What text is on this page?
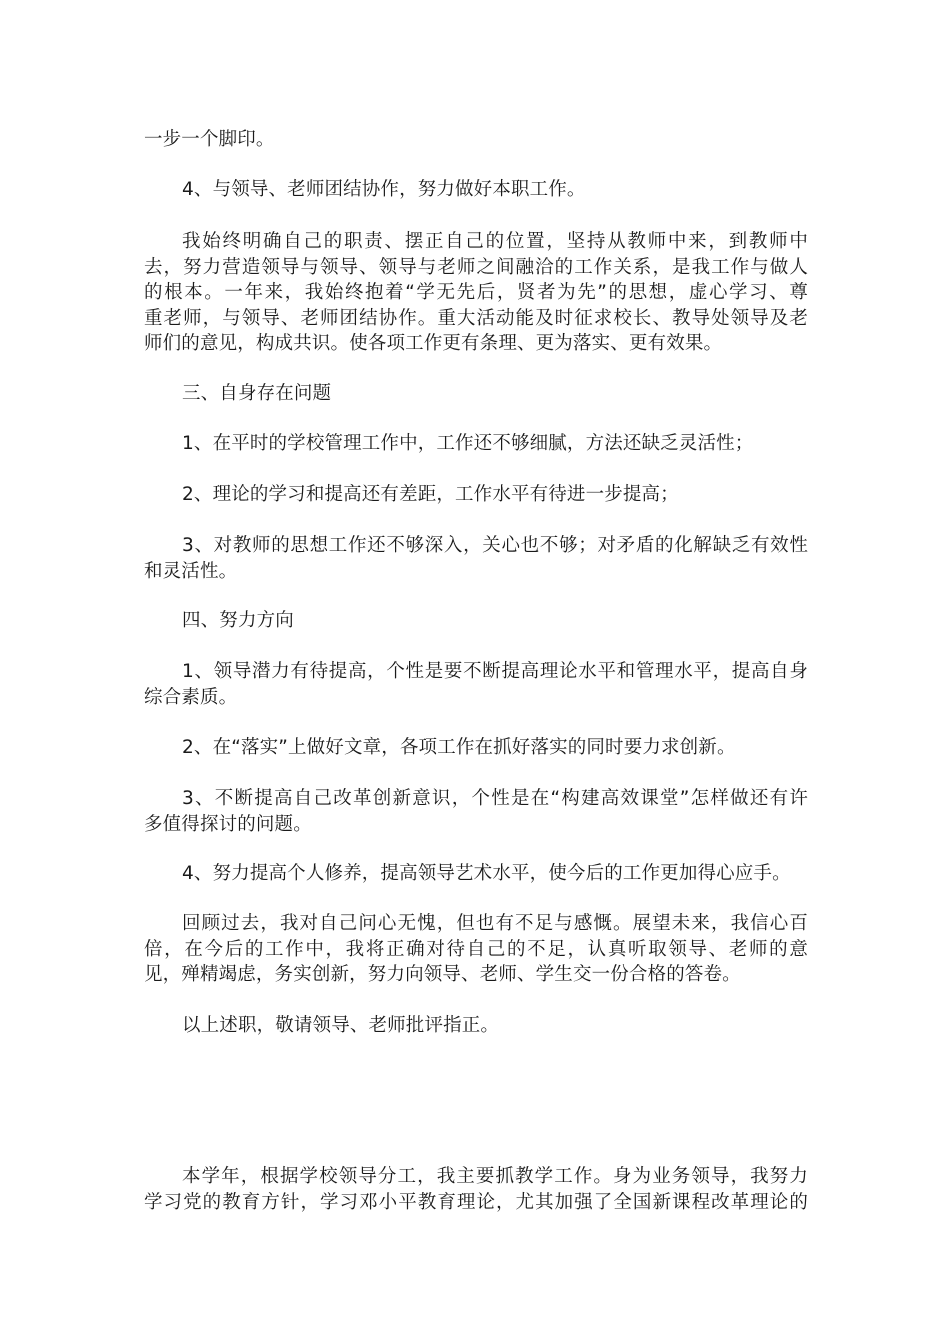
一步一个脚印。
4、与领导、老师团结协作，努力做好本职工作。
我始终明确自己的职责、摆正自己的位置，坚持从教师中来，到教师中
去，努力营造领导与领导、领导与老师之间融洽的工作关系，是我工作与做人
的根本。一年来，我始终抱着“学无先后，贤者为先”的思想，虚心学习、尊
重老师，与领导、老师团结协作。重大活动能及时征求校长、教导处领导及老
师们的意见，构成共识。使各项工作更有条理、更为落实、更有效果。
三、自身存在问题
1、在平时的学校管理工作中，工作还不够细腻，方法还缺乏灵活性；
2、理论的学习和提高还有差距，工作水平有待进一步提高；
3、对教师的思想工作还不够深入，关心也不够；对矛盾的化解缺乏有效性
和灵活性。
四、努力方向
1、领导潜力有待提高，个性是要不断提高理论水平和管理水平，提高自身
综合素质。
2、在“落实”上做好文章，各项工作在抓好落实的同时要力求创新。
3、不断提高自己改革创新意识，个性是在“构建高效课堂”怎样做还有许
多值得探讨的问题。
4、努力提高个人修养，提高领导艺术水平，使今后的工作更加得心应手。
回顾过去，我对自己问心无愧，但也有不足与感慨。展望未来，我信心百
倍，在今后的工作中，我将正确对待自己的不足，认真听取领导、老师的意
见，殚精竭虑，务实创新，努力向领导、老师、学生交一份合格的答卷。
以上述职，敬请领导、老师批评指正。
本学年，根据学校领导分工，我主要抓教学工作。身为业务领导，我努力
学习党的教育方针，学习邓小平教育理论，尤其加强了全国新课程改革理论的
